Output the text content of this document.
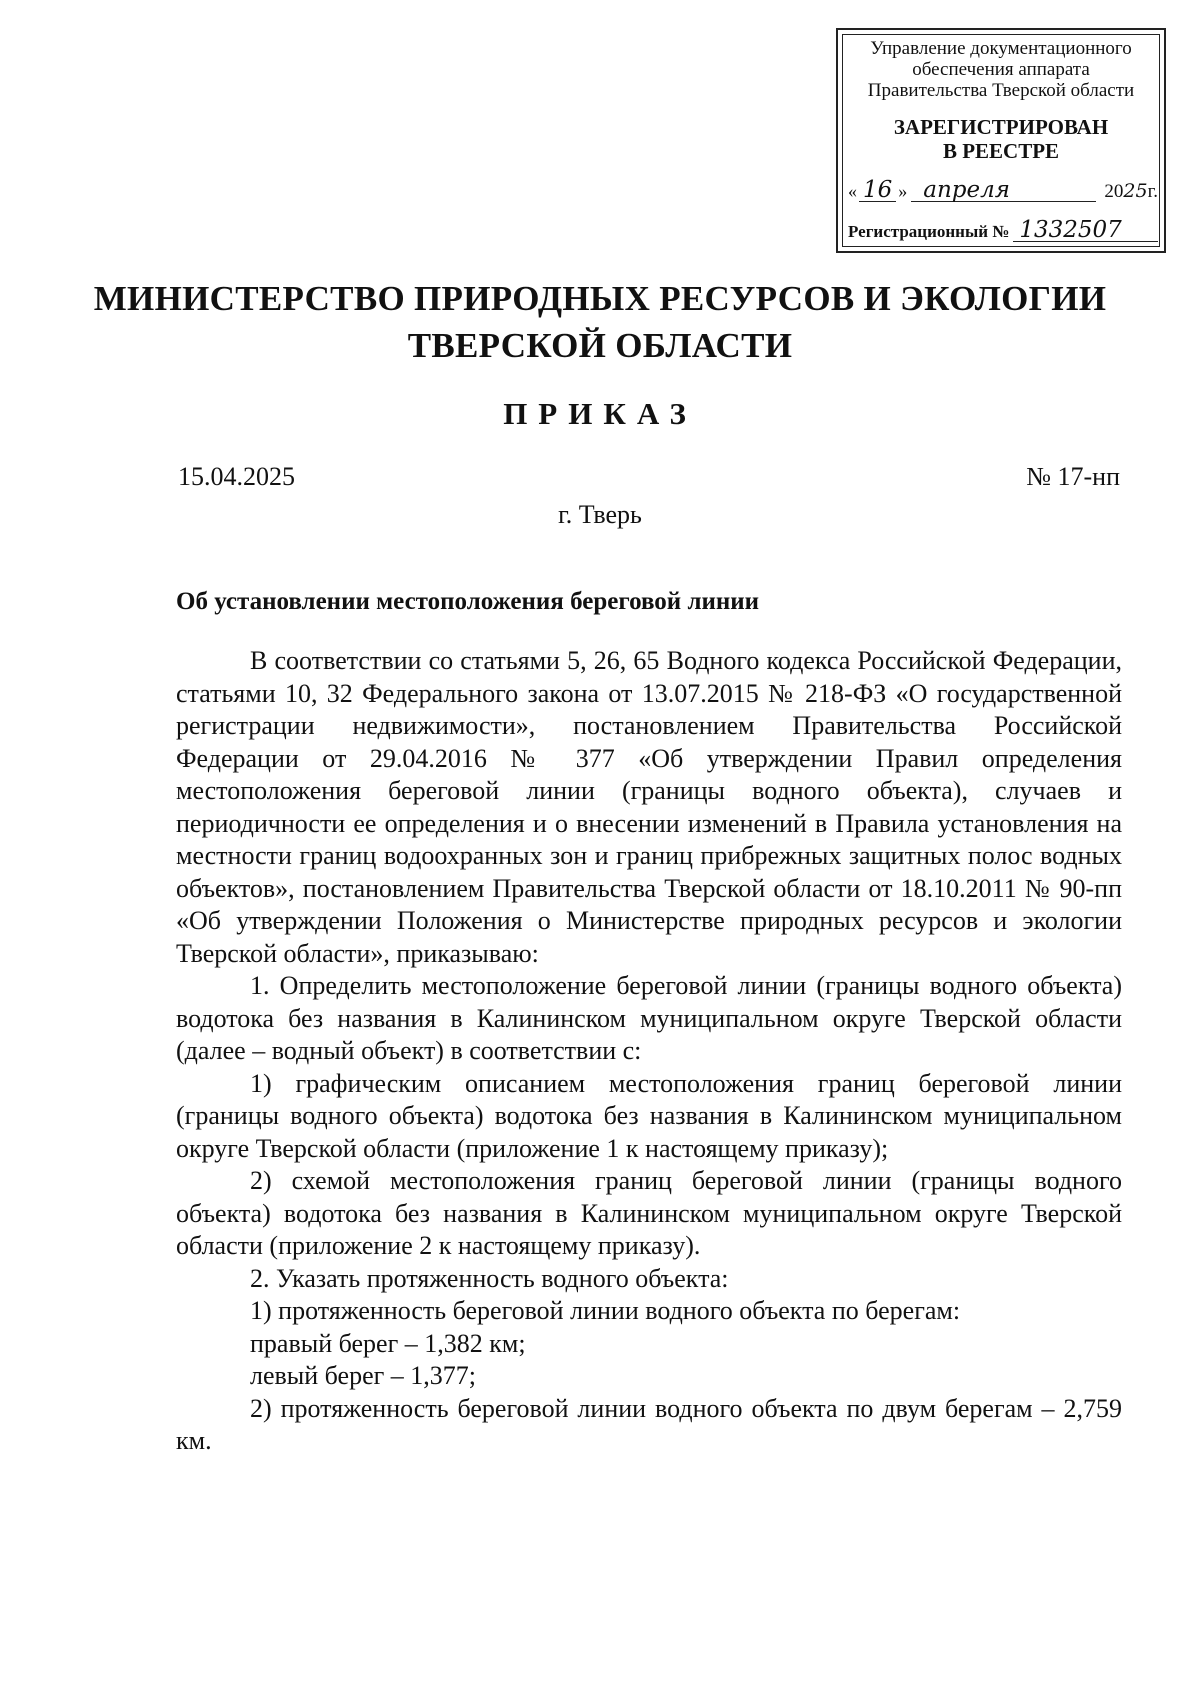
Управление документационного
обеспечения аппарата
Правительства Тверской области
ЗАРЕГИСТРИРОВАН
В РЕЕСТРЕ
« 16 » апреля	2025г.
Регистрационный № 1332507
МИНИСТЕРСТВО ПРИРОДНЫХ РЕСУРСОВ И ЭКОЛОГИИ
ТВЕРСКОЙ ОБЛАСТИ
ПРИКАЗ
15.04.2025	№ 17-нп
г. Тверь
Об установлении местоположения береговой линии

В соответствии со статьями 5, 26, 65 Водного кодекса Российской Федерации, статьями 10, 32 Федерального закона от 13.07.2015 № 218-ФЗ «О государственной регистрации недвижимости», постановлением Правительства Российской Федерации от 29.04.2016 № 377 «Об утверждении Правил определения местоположения береговой линии (границы водного объекта), случаев и периодичности ее определения и о внесении изменений в Правила установления на местности границ водоохранных зон и границ прибрежных защитных полос водных объектов», постановлением Правительства Тверской области от 18.10.2011 № 90-пп «Об утверждении Положения о Министерстве природных ресурсов и экологии Тверской области», приказываю:

1. Определить местоположение береговой линии (границы водного объекта) водотока без названия в Калининском муниципальном округе Тверской области (далее – водный объект) в соответствии с:

1) графическим описанием местоположения границ береговой линии (границы водного объекта) водотока без названия в Калининском муниципальном округе Тверской области (приложение 1 к настоящему приказу);

2) схемой местоположения границ береговой линии (границы водного объекта) водотока без названия в Калининском муниципальном округе Тверской области (приложение 2 к настоящему приказу).

2. Указать протяженность водного объекта:

1) протяженность береговой линии водного объекта по берегам:

правый берег – 1,382 км;

левый берег – 1,377;

2) протяженность береговой линии водного объекта по двум берегам – 2,759 км.
